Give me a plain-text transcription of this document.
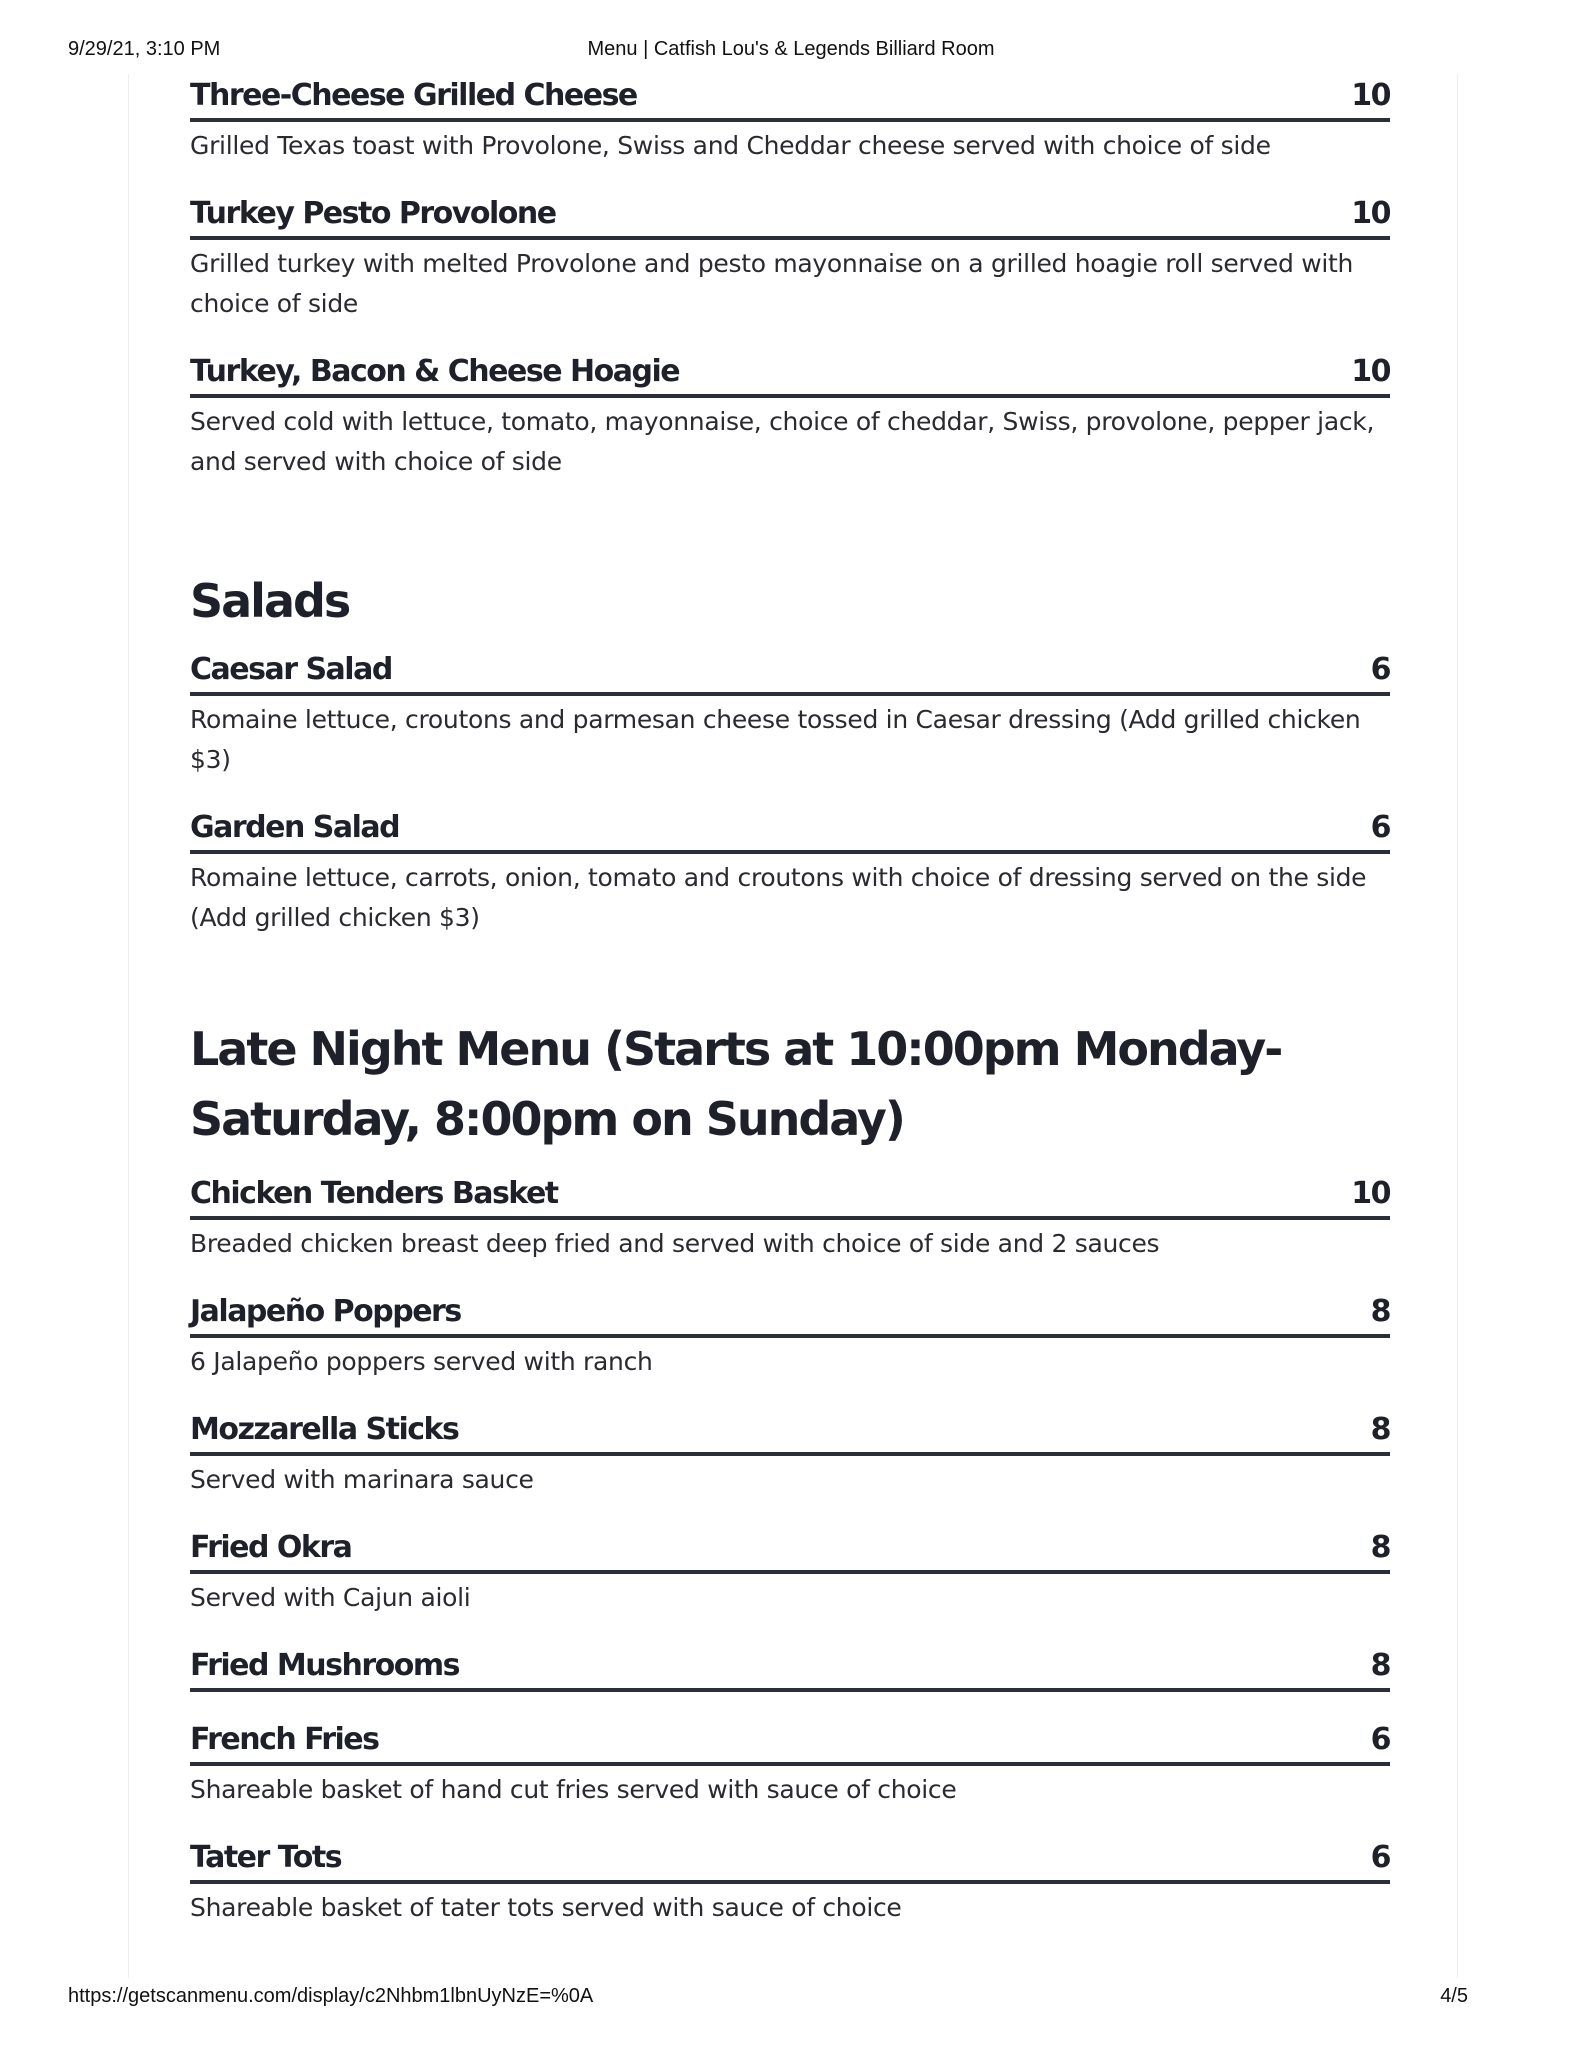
9/29/21, 3:10 PM	Menu | Catfish Lou's & Legends Billiard Room
Three-Cheese Grilled Cheese	10
Grilled Texas toast with Provolone, Swiss and Cheddar cheese served with choice of side
Turkey Pesto Provolone	10
Grilled turkey with melted Provolone and pesto mayonnaise on a grilled hoagie roll served with choice of side
Turkey, Bacon & Cheese Hoagie	10
Served cold with lettuce, tomato, mayonnaise, choice of cheddar, Swiss, provolone, pepper jack, and served with choice of side
Salads
Caesar Salad	6
Romaine lettuce, croutons and parmesan cheese tossed in Caesar dressing (Add grilled chicken $3)
Garden Salad	6
Romaine lettuce, carrots, onion, tomato and croutons with choice of dressing served on the side (Add grilled chicken $3)
Late Night Menu (Starts at 10:00pm Monday-Saturday, 8:00pm on Sunday)
Chicken Tenders Basket	10
Breaded chicken breast deep fried and served with choice of side and 2 sauces
Jalapeño Poppers	8
6 Jalapeño poppers served with ranch
Mozzarella Sticks	8
Served with marinara sauce
Fried Okra	8
Served with Cajun aioli
Fried Mushrooms	8
French Fries	6
Shareable basket of hand cut fries served with sauce of choice
Tater Tots	6
Shareable basket of tater tots served with sauce of choice
https://getscanmenu.com/display/c2Nhbm1lbnUyNzE=%0A	4/5
